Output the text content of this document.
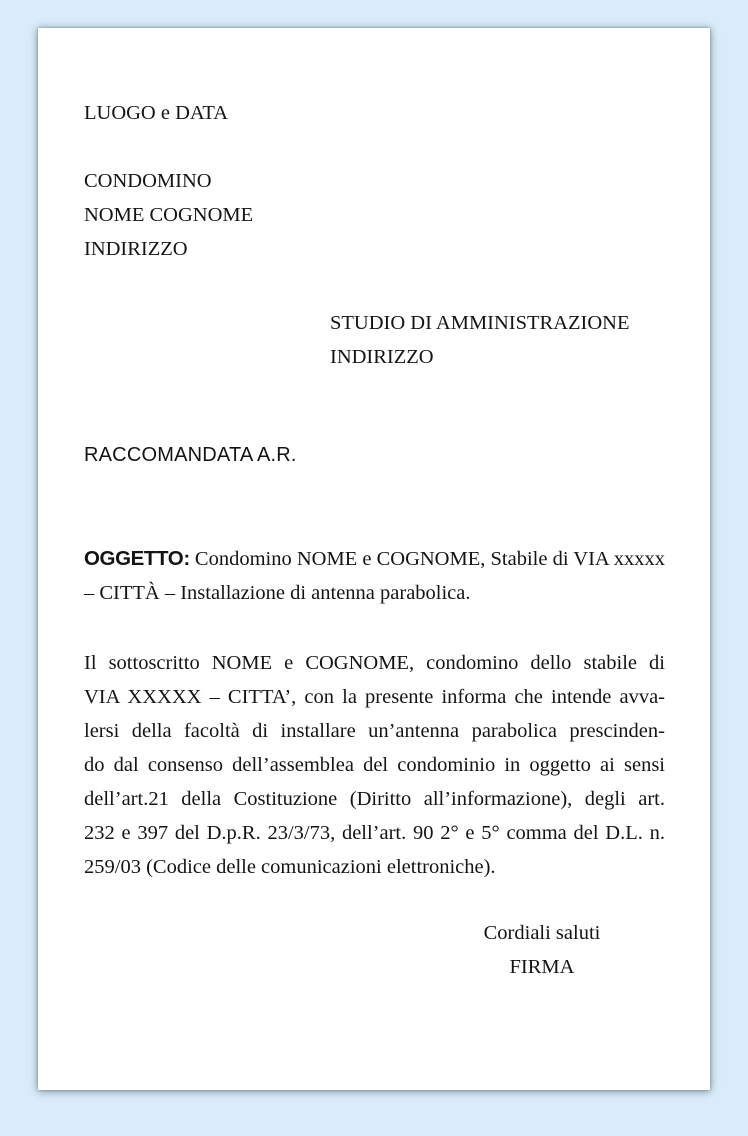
LUOGO e DATA
CONDOMINO
NOME COGNOME
INDIRIZZO
STUDIO DI AMMINISTRAZIONE
INDIRIZZO
RACCOMANDATA A.R.
OGGETTO: Condomino NOME e COGNOME, Stabile di VIA xxxxx
– CITTÀ – Installazione di antenna parabolica.
Il sottoscritto NOME e COGNOME, condomino dello stabile di
VIA XXXXX – CITTA’, con la presente informa che intende avva-
lersi della facoltà di installare un’antenna parabolica prescinden-
do dal consenso dell’assemblea del condominio in oggetto ai sensi
dell’art.21 della Costituzione (Diritto all’informazione), degli art.
232 e 397 del D.p.R. 23/3/73, dell’art. 90 2° e 5° comma del D.L. n.
259/03 (Codice delle comunicazioni elettroniche).
Cordiali saluti
FIRMA
